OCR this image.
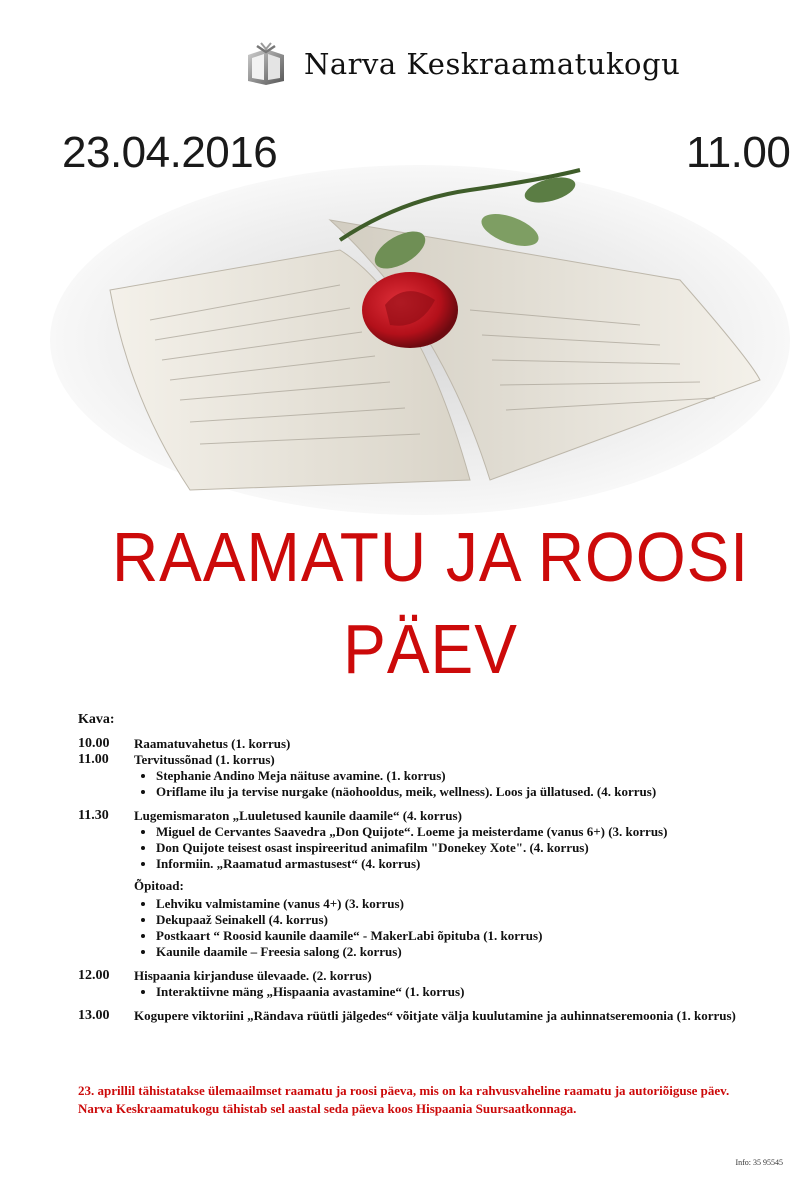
Narva Keskraamatukogu
23.04.2016	11.00
RAAMATU JA ROOSI
PÄEV
Kava:
10.00	Raamatuvahetus (1. korrus)
11.00	Tervitussõnad (1. korrus)
• Stephanie Andino Meja näituse avamine. (1. korrus)
• Oriflame ilu ja tervise nurgake (näohooldus, meik, wellness). Loos ja üllatused. (4. korrus)
11.30	Lugemismaraton „Luuletused kaunile daamile“ (4. korrus)
• Miguel de Cervantes Saavedra „Don Quijote“. Loeme ja meisterdame (vanus 6+) (3. korrus)
• Don Quijote teisest osast inspireeritud animafilm "Donekey Xote". (4. korrus)
• Informiin. „Raamatud armastusest“ (4. korrus)
Õpitoad:
• Lehviku valmistamine (vanus 4+) (3. korrus)
• Dekupaaž Seinakell (4. korrus)
• Postkaart “ Roosid kaunile daamile“ - MakerLabi õpituba (1. korrus)
• Kaunile daamile – Freesia salong (2. korrus)
12.00	Hispaania kirjanduse ülevaade. (2. korrus)
• Interaktiivne mäng „Hispaania avastamine“ (1. korrus)
13.00	Kogupere viktoriini „Rändava rüütli jälgedes“ võitjate välja kuulutamine ja auhinnatseremoonia (1. korrus)
23. aprillil tähistatakse ülemaailmset raamatu ja roosi päeva, mis on ka rahvusvaheline raamatu ja autoriõiguse päev.
Narva Keskraamatukogu tähistab sel aastal seda päeva koos Hispaania Suursaatkonnaga.
Info: 35 95545
